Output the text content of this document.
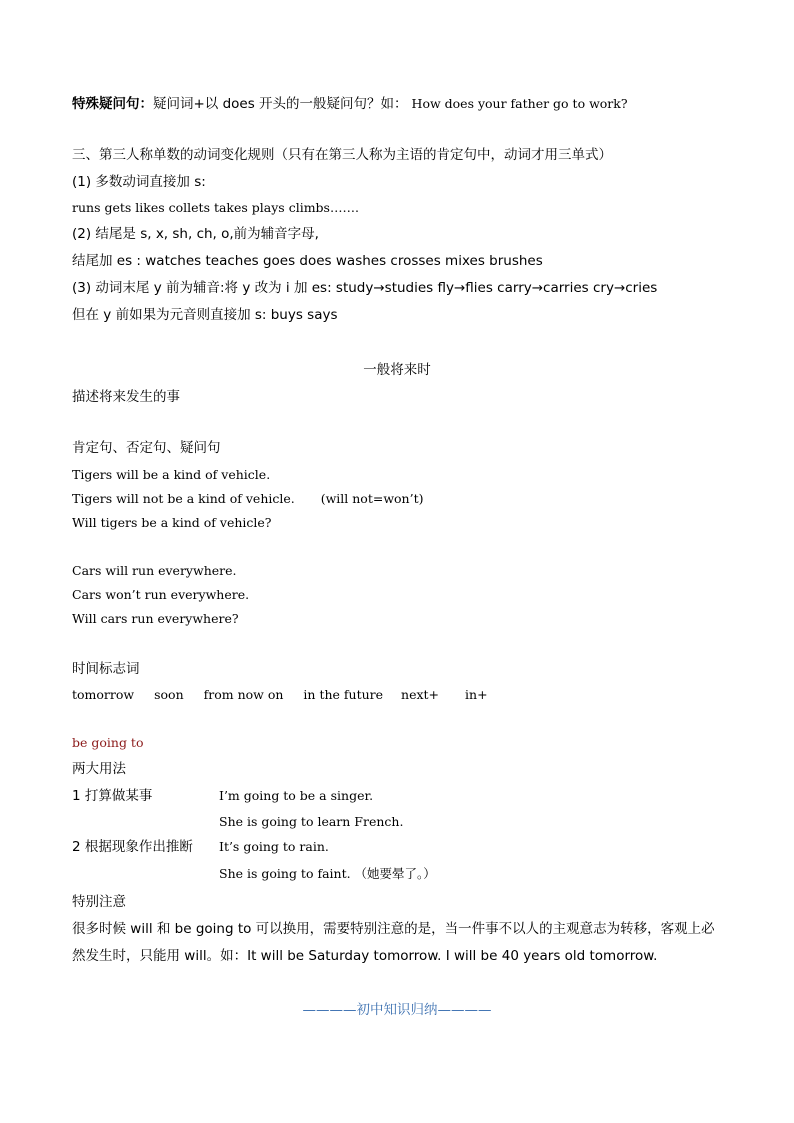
特殊疑问句：疑问词+以 does 开头的一般疑问句？如： How does your father go to work?
三、第三人称单数的动词变化规则（只有在第三人称为主语的肯定句中，动词才用三单式）
(1) 多数动词直接加 s:
runs gets likes collets takes plays climbs…….
(2) 结尾是 s, x, sh, ch, o,前为辅音字母,
结尾加 es : watches teaches goes does washes crosses mixes brushes
(3) 动词末尾 y 前为辅音:将 y 改为 i 加 es: study→studies fly→flies carry→carries cry→cries
但在 y 前如果为元音则直接加 s: buys says
一般将来时
描述将来发生的事
肯定句、否定句、疑问句
Tigers will be a kind of vehicle.
Tigers will not be a kind of vehicle. (will not=won’t)
Will tigers be a kind of vehicle?
Cars will run everywhere.
Cars won’t run everywhere.
Will cars run everywhere?
时间标志词
tomorrow soon from now on in the future next+ in+
be going to
两大用法
1 打算做某事	I’m going to be a singer.
She is going to learn French.
2 根据现象作出推断 It’s going to rain.
She is going to faint. （她要晕了。）
特别注意
很多时候 will 和 be going to 可以换用，需要特别注意的是，当一件事不以人的主观意志为转移，客观上必
然发生时，只能用 will。如：It will be Saturday tomorrow. I will be 40 years old tomorrow.
————初中知识归纳————
